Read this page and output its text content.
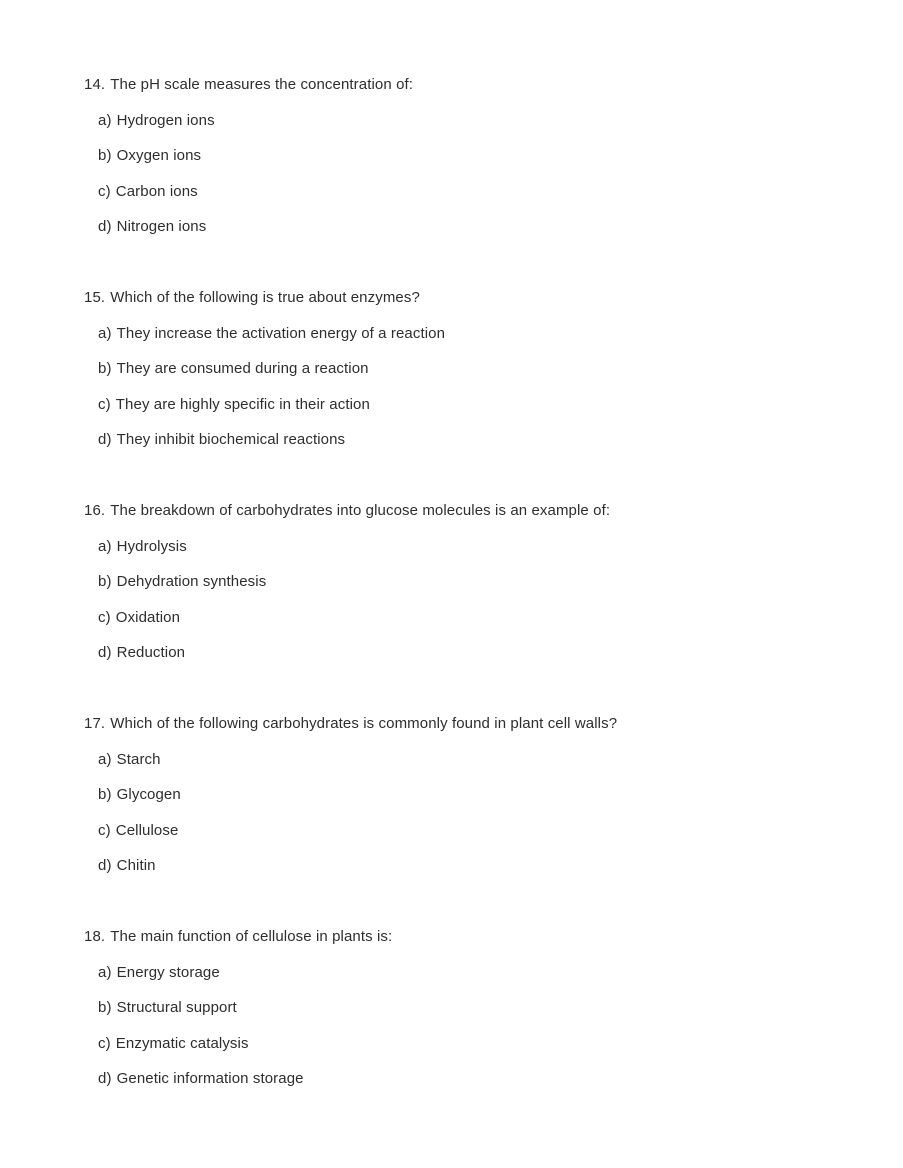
14. The pH scale measures the concentration of:

a) Hydrogen ions

b) Oxygen ions

c) Carbon ions

d) Nitrogen ions

15. Which of the following is true about enzymes?

a) They increase the activation energy of a reaction

b) They are consumed during a reaction

c) They are highly specific in their action

d) They inhibit biochemical reactions

16. The breakdown of carbohydrates into glucose molecules is an example of:

a) Hydrolysis

b) Dehydration synthesis

c) Oxidation

d) Reduction

17. Which of the following carbohydrates is commonly found in plant cell walls?

a) Starch

b) Glycogen

c) Cellulose

d) Chitin

18. The main function of cellulose in plants is:

a) Energy storage

b) Structural support

c) Enzymatic catalysis

d) Genetic information storage
